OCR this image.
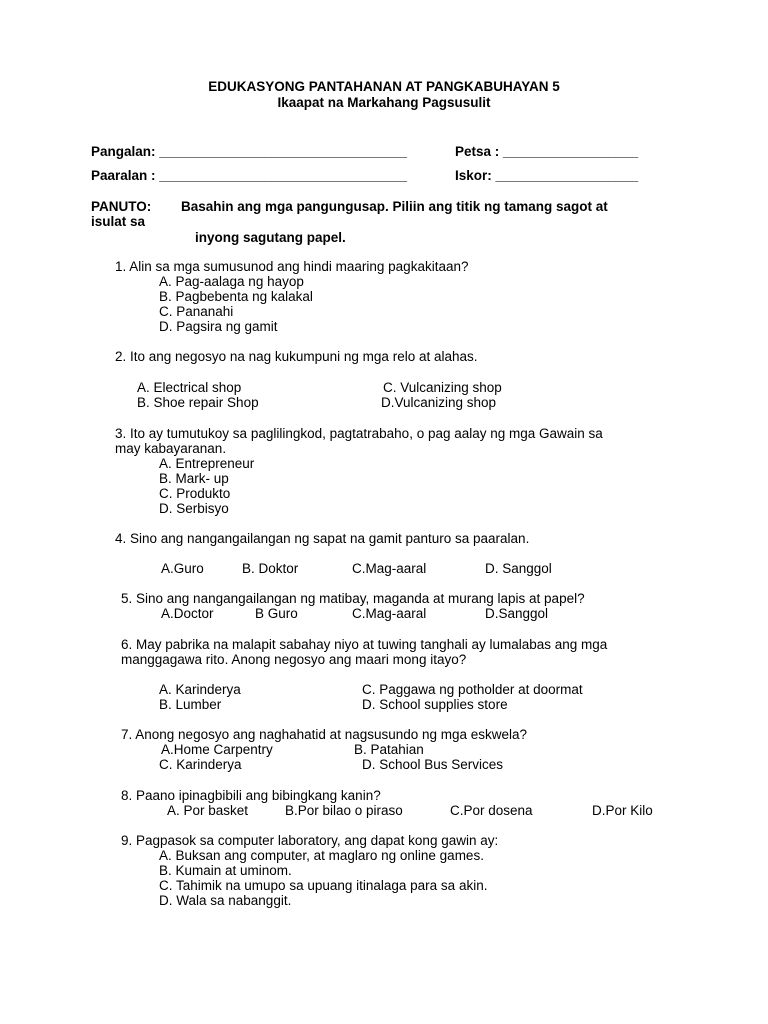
EDUKASYONG PANTAHANAN AT PANGKABUHAYAN 5
Ikaapat na Markahang Pagsusulit
Pangalan: _________________________________	Petsa : __________________
Paaralan : _________________________________	Iskor: ___________________
PANUTO: Basahin ang mga pangungusap. Piliin ang titik ng tamang sagot at
isulat sa
inyong sagutang papel.
1. Alin sa mga sumusunod ang hindi maaring pagkakitaan?
A. Pag-aalaga ng hayop
B. Pagbebenta ng kalakal
C. Pananahi
D. Pagsira ng gamit
2. Ito ang negosyo na nag kukumpuni ng mga relo at alahas.
A. Electrical shop
B. Shoe repair Shop
C. Vulcanizing shop
D.Vulcanizing shop
3. Ito ay tumutukoy sa paglilingkod, pagtatrabaho, o pag aalay ng mga Gawain sa
may kabayaranan.
A. Entrepreneur
B. Mark- up
C. Produkto
D. Serbisyo
4. Sino ang nangangailangan ng sapat na gamit panturo sa paaralan.
A.Guro	B. Doktor	C.Mag-aaral	D. Sanggol
5. Sino ang nangangailangan ng matibay, maganda at murang lapis at papel?
A.Doctor	B Guro	C.Mag-aaral	D.Sanggol
6. May pabrika na malapit sabahay niyo at tuwing tanghali ay lumalabas ang mga
manggagawa rito. Anong negosyo ang maari mong itayo?
A. Karinderya
B. Lumber
C. Paggawa ng potholder at doormat
D. School supplies store
7. Anong negosyo ang naghahatid at nagsusundo ng mga eskwela?
A.Home Carpentry
C. Karinderya
B. Patahian
D. School Bus Services
8. Paano ipinagbibili ang bibingkang kanin?
A. Por basket	B.Por bilao o piraso	C.Por dosena	D.Por Kilo
9. Pagpasok sa computer laboratory, ang dapat kong gawin ay:
A. Buksan ang computer, at maglaro ng online games.
B. Kumain at uminom.
C. Tahimik na umupo sa upuang itinalaga para sa akin.
D. Wala sa nabanggit.
